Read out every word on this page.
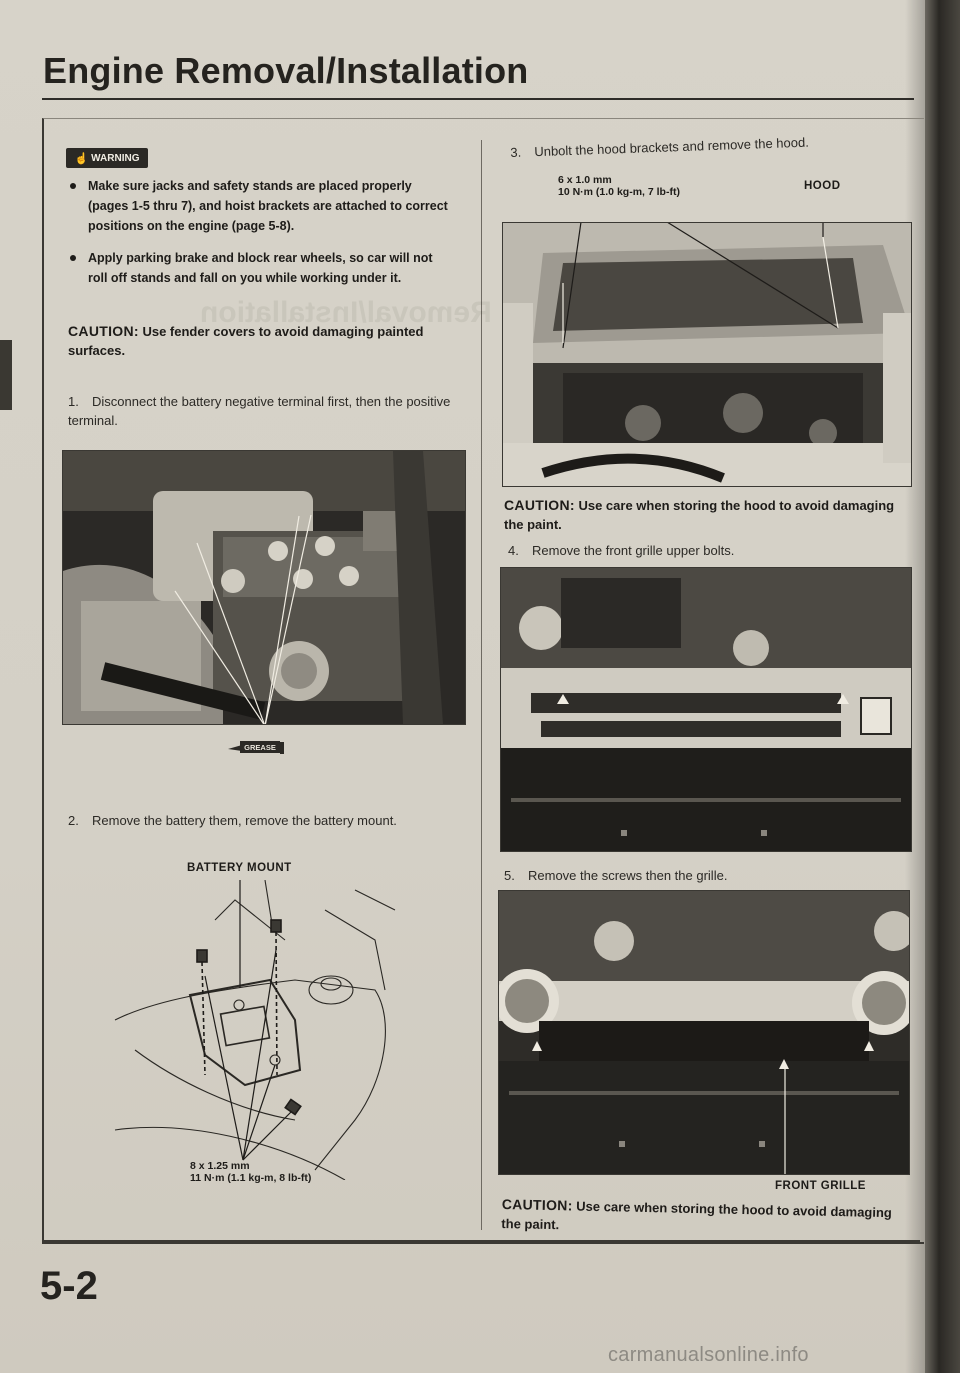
Engine Removal/Installation
☝ WARNING
Make sure jacks and safety stands are placed properly (pages 1-5 thru 7), and hoist brackets are attached to correct positions on the engine (page 5-8).
Apply parking brake and block rear wheels, so car will not roll off stands and fall on you while working under it.
CAUTION: Use fender covers to avoid damaging painted surfaces.
1. Disconnect the battery negative terminal first, then the positive terminal.
Removal/Installation
GREASE
2. Remove the battery them, remove the battery mount.
BATTERY MOUNT
8 x 1.25 mm
11 N·m (1.1 kg-m, 8 lb-ft)
3. Unbolt the hood brackets and remove the hood.
6 x 1.0 mm
10 N·m (1.0 kg-m, 7 lb-ft)	HOOD
CAUTION: Use care when storing the hood to avoid damaging the paint.
4. Remove the front grille upper bolts.
5. Remove the screws then the grille.
FRONT GRILLE
CAUTION: Use care when storing the hood to avoid damaging the paint.
5-2
carmanualsonline.info
